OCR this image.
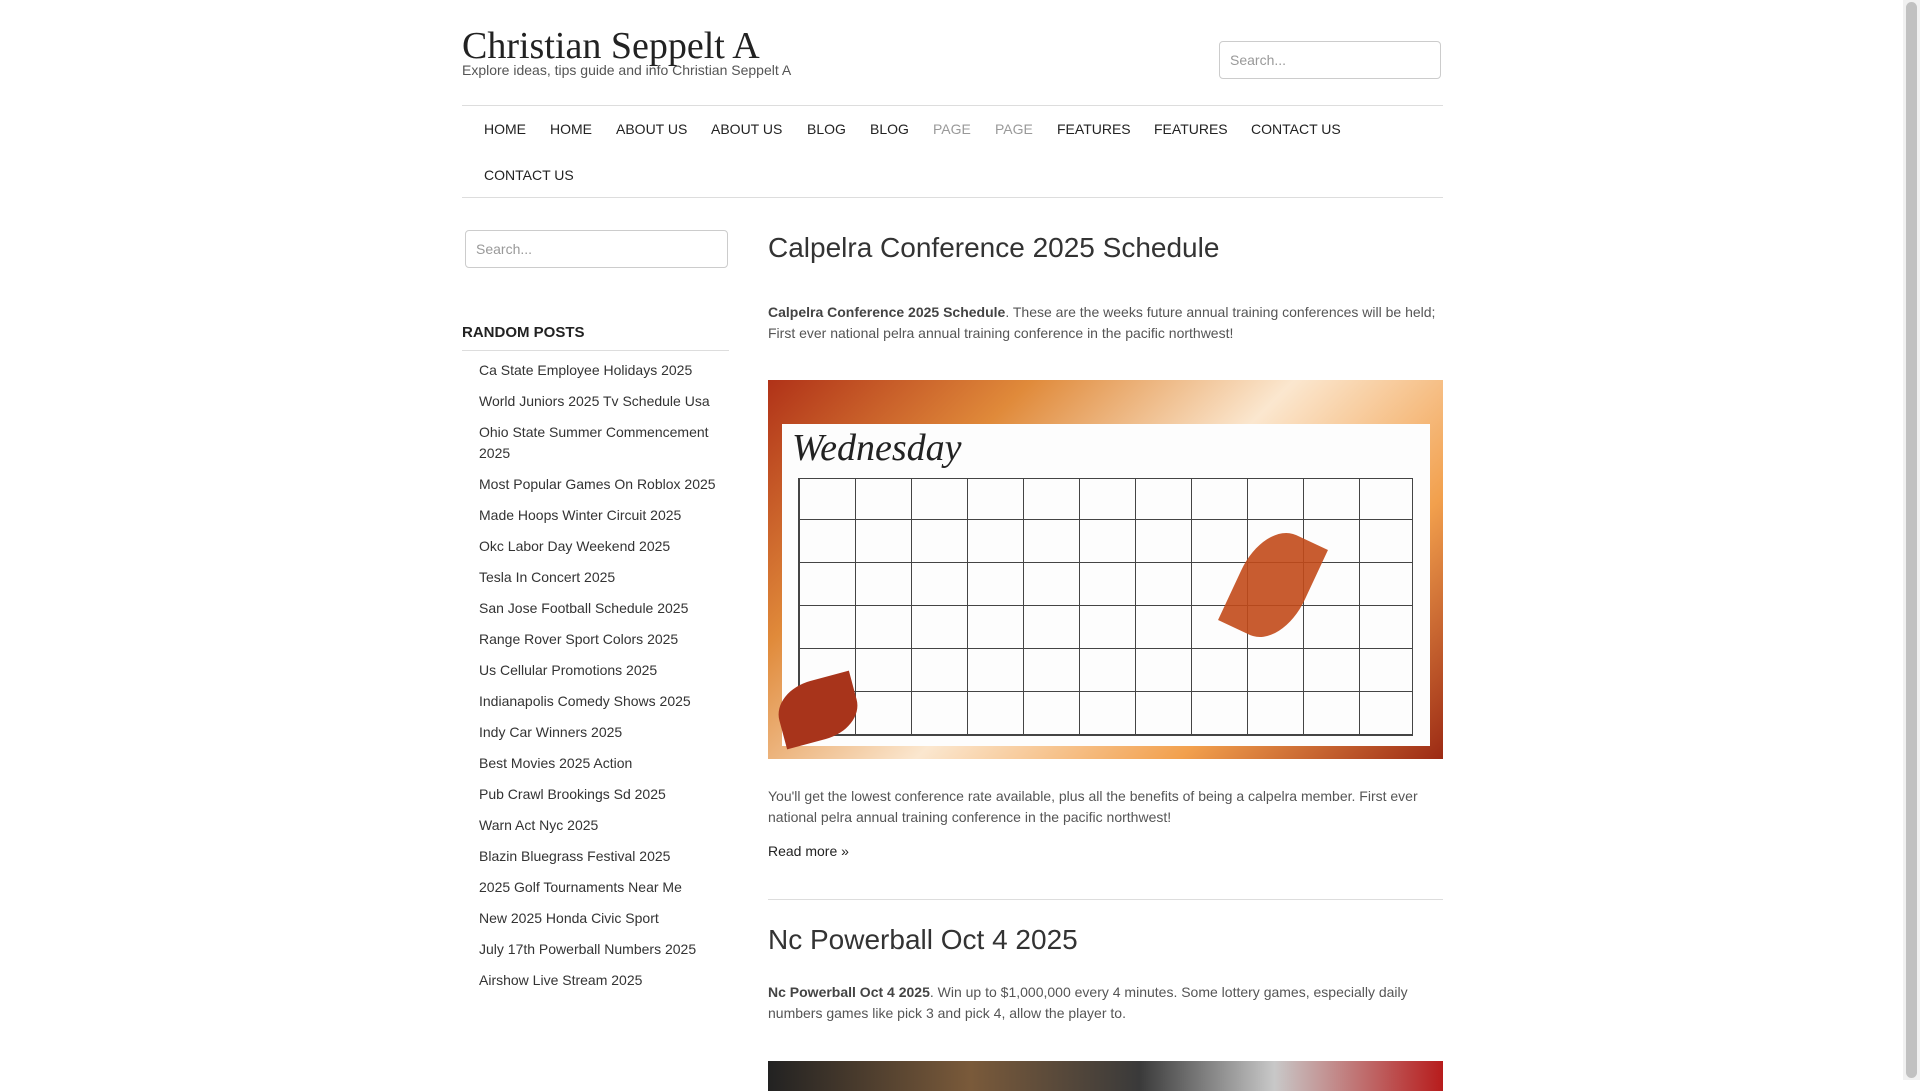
Christian Seppelt A
Explore ideas, tips guide and info Christian Seppelt A
Search...
HOME HOME ABOUT US ABOUT US BLOG BLOG PAGE PAGE FEATURES FEATURES CONTACT US
CONTACT US
Search...
RANDOM POSTS
Ca State Employee Holidays 2025
World Juniors 2025 Tv Schedule Usa
Ohio State Summer Commencement 2025
Most Popular Games On Roblox 2025
Made Hoops Winter Circuit 2025
Okc Labor Day Weekend 2025
Tesla In Concert 2025
San Jose Football Schedule 2025
Range Rover Sport Colors 2025
Us Cellular Promotions 2025
Indianapolis Comedy Shows 2025
Indy Car Winners 2025
Best Movies 2025 Action
Pub Crawl Brookings Sd 2025
Warn Act Nyc 2025
Blazin Bluegrass Festival 2025
2025 Golf Tournaments Near Me
New 2025 Honda Civic Sport
July 17th Powerball Numbers 2025
Airshow Live Stream 2025
Calpelra Conference 2025 Schedule

Calpelra Conference 2025 Schedule. These are the weeks future annual training conferences will be held; First ever national pelra annual training conference in the pacific northwest!

Wednesday

You'll get the lowest conference rate available, plus all the benefits of being a calpelra member. First ever national pelra annual training conference in the pacific northwest!

Read more »
Nc Powerball Oct 4 2025

Nc Powerball Oct 4 2025. Win up to $1,000,000 every 4 minutes. Some lottery games, especially daily numbers games like pick 3 and pick 4, allow the player to.
